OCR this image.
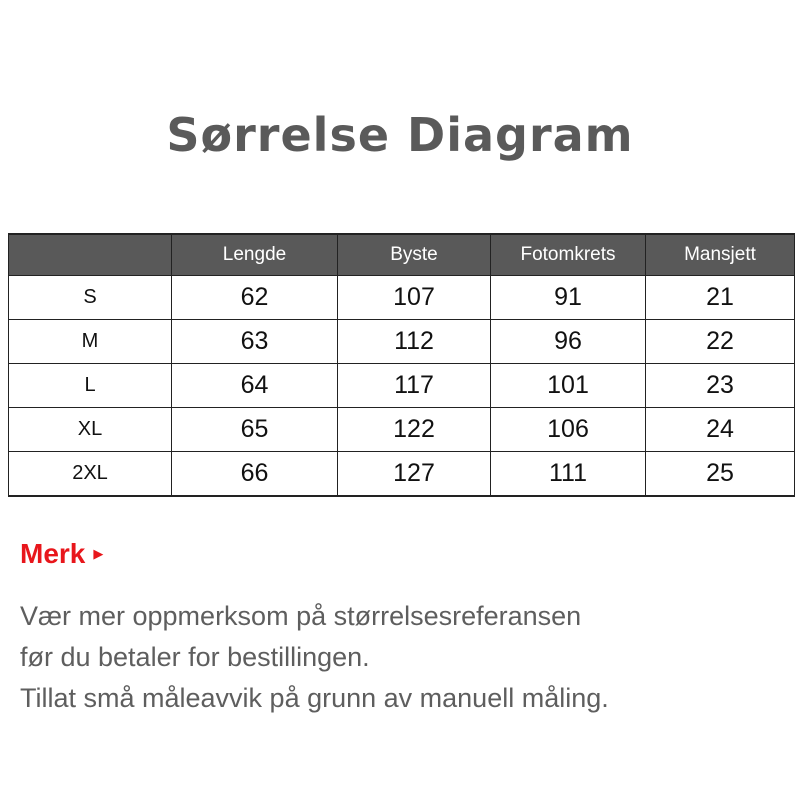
Sørrelse Diagram
	Lengde	Byste	Fotomkrets	Mansjett
S	62	107	91	21
M	63	112	96	22
L	64	117	101	23
XL	65	122	106	24
2XL	66	127	111	25
Merk ▶

Vær mer oppmerksom på størrelsesreferansen
før du betaler for bestillingen.
Tillat små måleavvik på grunn av manuell måling.
